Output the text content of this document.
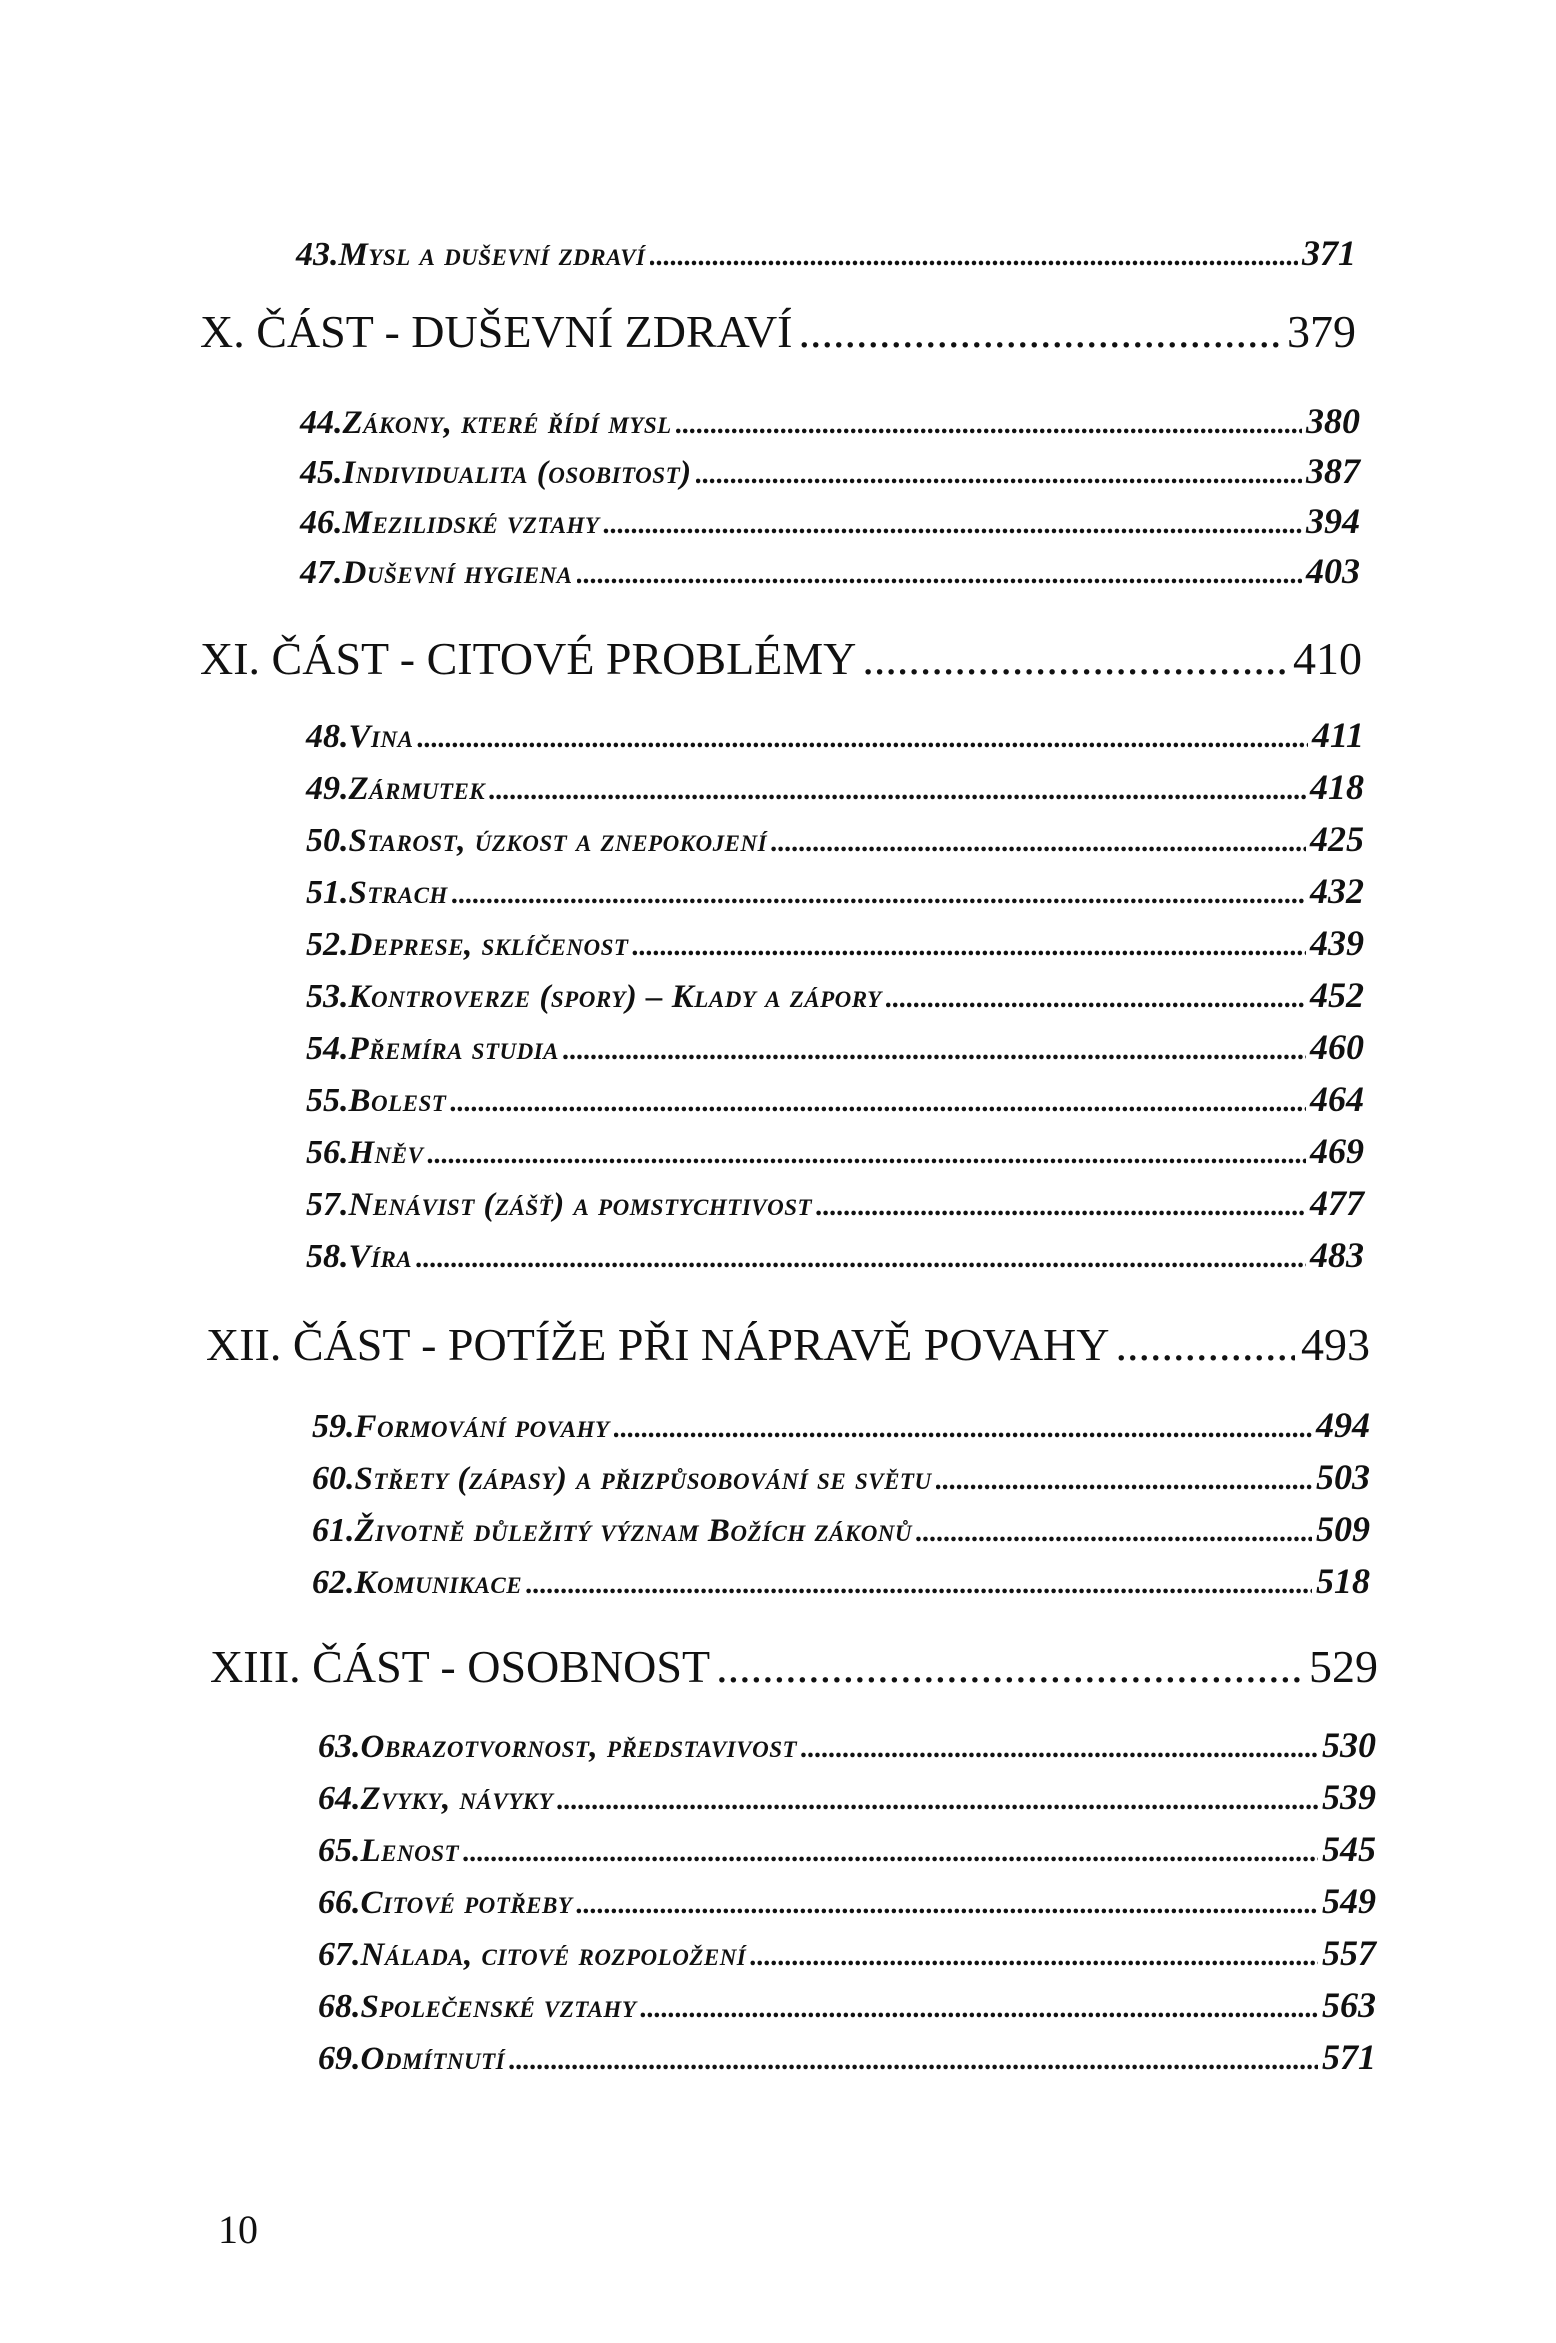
43. Mysl a duševní zdraví .....	371
X. ČÁST - DUŠEVNÍ ZDRAVÍ .....	379
44. Zákony, které řídí mysl .....	380
45. Individualita (osobitost) .....	387
46. Mezilidské vztahy .....	394
47. Duševní hygiena .....	403
XI. ČÁST - CITOVÉ PROBLÉMY .....	410
48. Vina .....	411
49. Zármutek .....	418
50. Starost, úzkost a znepokojení .....	425
51. Strach .....	432
52. Deprese, sklíčenost .....	439
53. Kontroverze (spory) – Klady a zápory .....	452
54. Přemíra studia .....	460
55. Bolest .....	464
56. Hněv .....	469
57. Nenávist (zášť) a pomstychtivost .....	477
58. Víra .....	483
XII. ČÁST - POTÍŽE PŘI NÁPRAVĚ POVAHY .....	493
59. Formování povahy .....	494
60. Střety (zápasy) a přizpůsobování se světu .....	503
61. Životně důležitý význam Božích zákonů .....	509
62. Komunikace .....	518
XIII. ČÁST - OSOBNOST .....	529
63. Obrazotvornost, představivost .....	530
64. Zvyky, návyky .....	539
65. Lenost .....	545
66. Citové potřeby .....	549
67. Nálada, citové rozpoložení .....	557
68. Společenské vztahy .....	563
69. Odmítnutí .....	571
10
